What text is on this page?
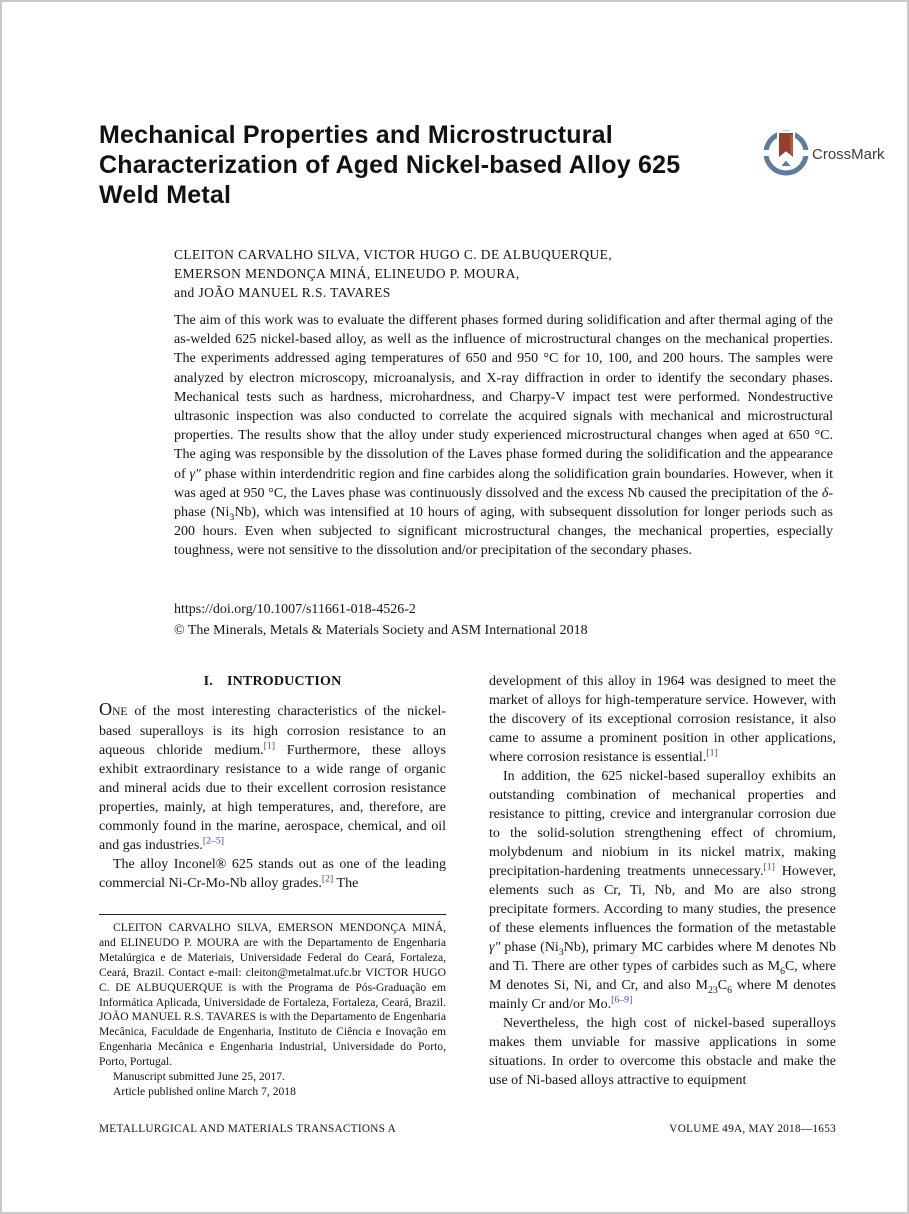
Mechanical Properties and Microstructural
Characterization of Aged Nickel-based Alloy 625
Weld Metal
CrossMark
CLEITON CARVALHO SILVA, VICTOR HUGO C. DE ALBUQUERQUE,
EMERSON MENDONÇA MINÁ, ELINEUDO P. MOURA,
and JOÃO MANUEL R.S. TAVARES
The aim of this work was to evaluate the different phases formed during solidification and after thermal aging of the as-welded 625 nickel-based alloy, as well as the influence of microstructural changes on the mechanical properties. The experiments addressed aging temperatures of 650 and 950 °C for 10, 100, and 200 hours. The samples were analyzed by electron microscopy, microanalysis, and X-ray diffraction in order to identify the secondary phases. Mechanical tests such as hardness, microhardness, and Charpy-V impact test were performed. Nondestructive ultrasonic inspection was also conducted to correlate the acquired signals with mechanical and microstructural properties. The results show that the alloy under study experienced microstructural changes when aged at 650 °C. The aging was responsible by the dissolution of the Laves phase formed during the solidification and the appearance of γ″ phase within interdendritic region and fine carbides along the solidification grain boundaries. However, when it was aged at 950 °C, the Laves phase was continuously dissolved and the excess Nb caused the precipitation of the δ-phase $(Ni_3Nb)$, which was intensified at 10 hours of aging, with subsequent dissolution for longer periods such as 200 hours. Even when subjected to significant microstructural changes, the mechanical properties, especially toughness, were not sensitive to the dissolution and/or precipitation of the secondary phases.
https://doi.org/10.1007/s11661-018-4526-2
© The Minerals, Metals & Materials Society and ASM International 2018
I. INTRODUCTION

ONE of the most interesting characteristics of the nickel-based superalloys is its high corrosion resistance to an aqueous chloride medium.[1] Furthermore, these alloys exhibit extraordinary resistance to a wide range of organic and mineral acids due to their excellent corrosion resistance properties, mainly, at high temperatures, and, therefore, are commonly found in the marine, aerospace, chemical, and oil and gas industries.[2–5]

The alloy Inconel® 625 stands out as one of the leading commercial Ni-Cr-Mo-Nb alloy grades.[2] The

development of this alloy in 1964 was designed to meet the market of alloys for high-temperature service. However, with the discovery of its exceptional corrosion resistance, it also came to assume a prominent position in other applications, where corrosion resistance is essential.[1]

In addition, the 625 nickel-based superalloy exhibits an outstanding combination of mechanical properties and resistance to pitting, crevice and intergranular corrosion due to the solid-solution strengthening effect of chromium, molybdenum and niobium in its nickel matrix, making precipitation-hardening treatments unnecessary.[1] However, elements such as Cr, Ti, Nb, and Mo are also strong precipitate formers. According to many studies, the presence of these elements influences the formation of the metastable γ″ phase $(Ni_3Nb)$, primary MC carbides where M denotes Nb and Ti. There are other types of carbides such as $M_6C$, where M denotes Si, Ni, and Cr, and also $M_{23}C_6$ where M denotes mainly Cr and/or Mo.[6–9]

Nevertheless, the high cost of nickel-based superalloys makes them unviable for massive applications in some situations. In order to overcome this obstacle and make the use of Ni-based alloys attractive to equipment

CLEITON CARVALHO SILVA, EMERSON MENDONÇA MINÁ, and ELINEUDO P. MOURA are with the Departamento de Engenharia Metalúrgica e de Materiais, Universidade Federal do Ceará, Fortaleza, Ceará, Brazil. Contact e-mail: cleiton@metalmat.ufc.br VICTOR HUGO C. DE ALBUQUERQUE is with the Programa de Pós-Graduação em Informática Aplicada, Universidade de Fortaleza, Fortaleza, Ceará, Brazil. JOÃO MANUEL R.S. TAVARES is with the Departamento de Engenharia Mecânica, Faculdade de Engenharia, Instituto de Ciência e Inovação em Engenharia Mecânica e Engenharia Industrial, Universidade do Porto, Porto, Portugal.

Manuscript submitted June 25, 2017.

Article published online March 7, 2018

METALLURGICAL AND MATERIALS TRANSACTIONS A	VOLUME 49A, MAY 2018—1653
